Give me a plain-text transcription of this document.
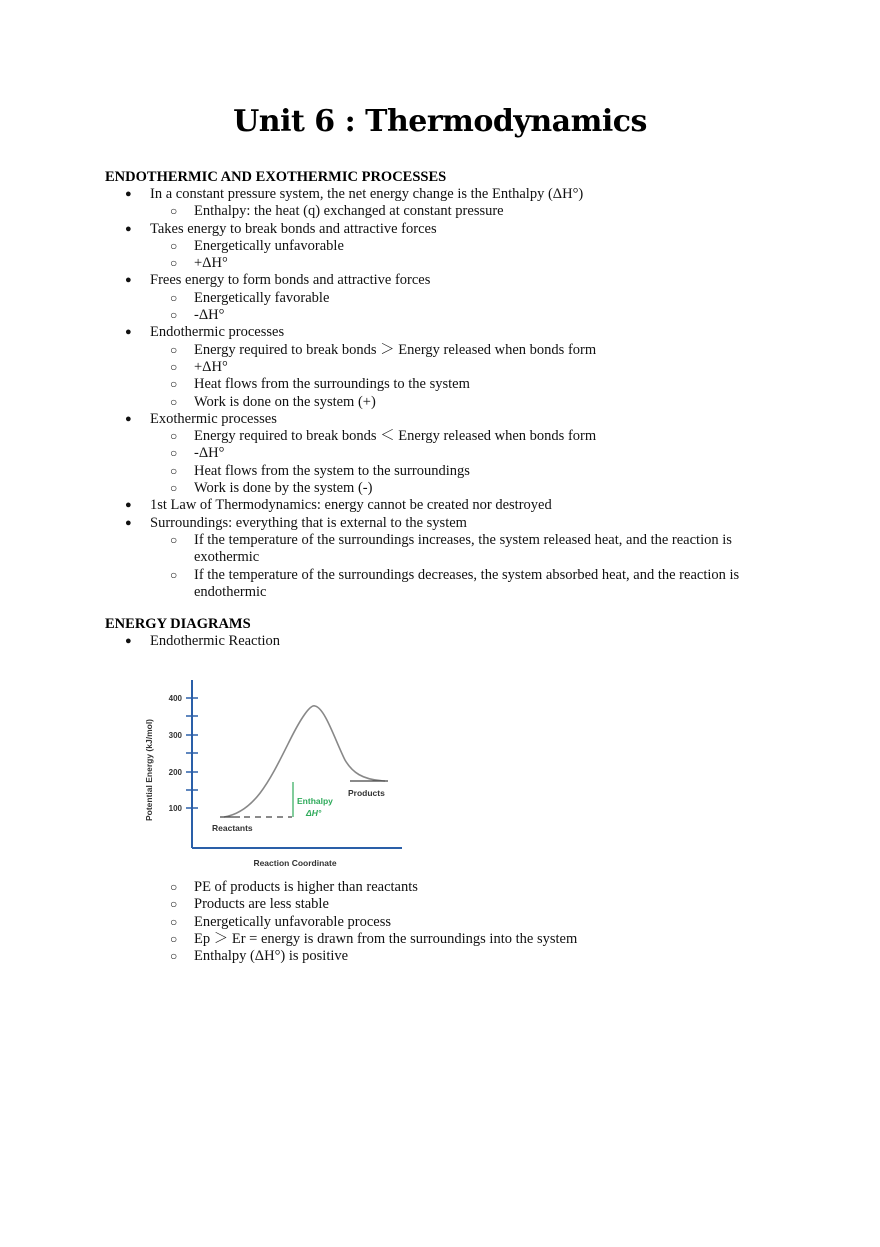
Unit 6 : Thermodynamics
ENDOTHERMIC AND EXOTHERMIC PROCESSES
● In a constant pressure system, the net energy change is the Enthalpy (ΔH°)
○ Enthalpy: the heat (q) exchanged at constant pressure
● Takes energy to break bonds and attractive forces
○ Energetically unfavorable
○ +ΔH°
● Frees energy to form bonds and attractive forces
○ Energetically favorable
○ -ΔH°
● Endothermic processes
○ Energy required to break bonds ＞ Energy released when bonds form
○ +ΔH°
○ Heat flows from the surroundings to the system
○ Work is done on the system (+)
● Exothermic processes
○ Energy required to break bonds ＜ Energy released when bonds form
○ -ΔH°
○ Heat flows from the system to the surroundings
○ Work is done by the system (-)
● 1st Law of Thermodynamics: energy cannot be created nor destroyed
● Surroundings: everything that is external to the system
○ If the temperature of the surroundings increases, the system released heat, and the reaction is exothermic
○ If the temperature of the surroundings decreases, the system absorbed heat, and the reaction is endothermic
ENERGY DIAGRAMS
● Endothermic Reaction
400
300
200
100
Potential Energy (kJ/mol)
Reaction Coordinate
Enthalpy
ΔH°
Reactants
Products
○ PE of products is higher than reactants
○ Products are less stable
○ Energetically unfavorable process
○ Ep ＞ Er = energy is drawn from the surroundings into the system
○ Enthalpy (ΔH°) is positive
